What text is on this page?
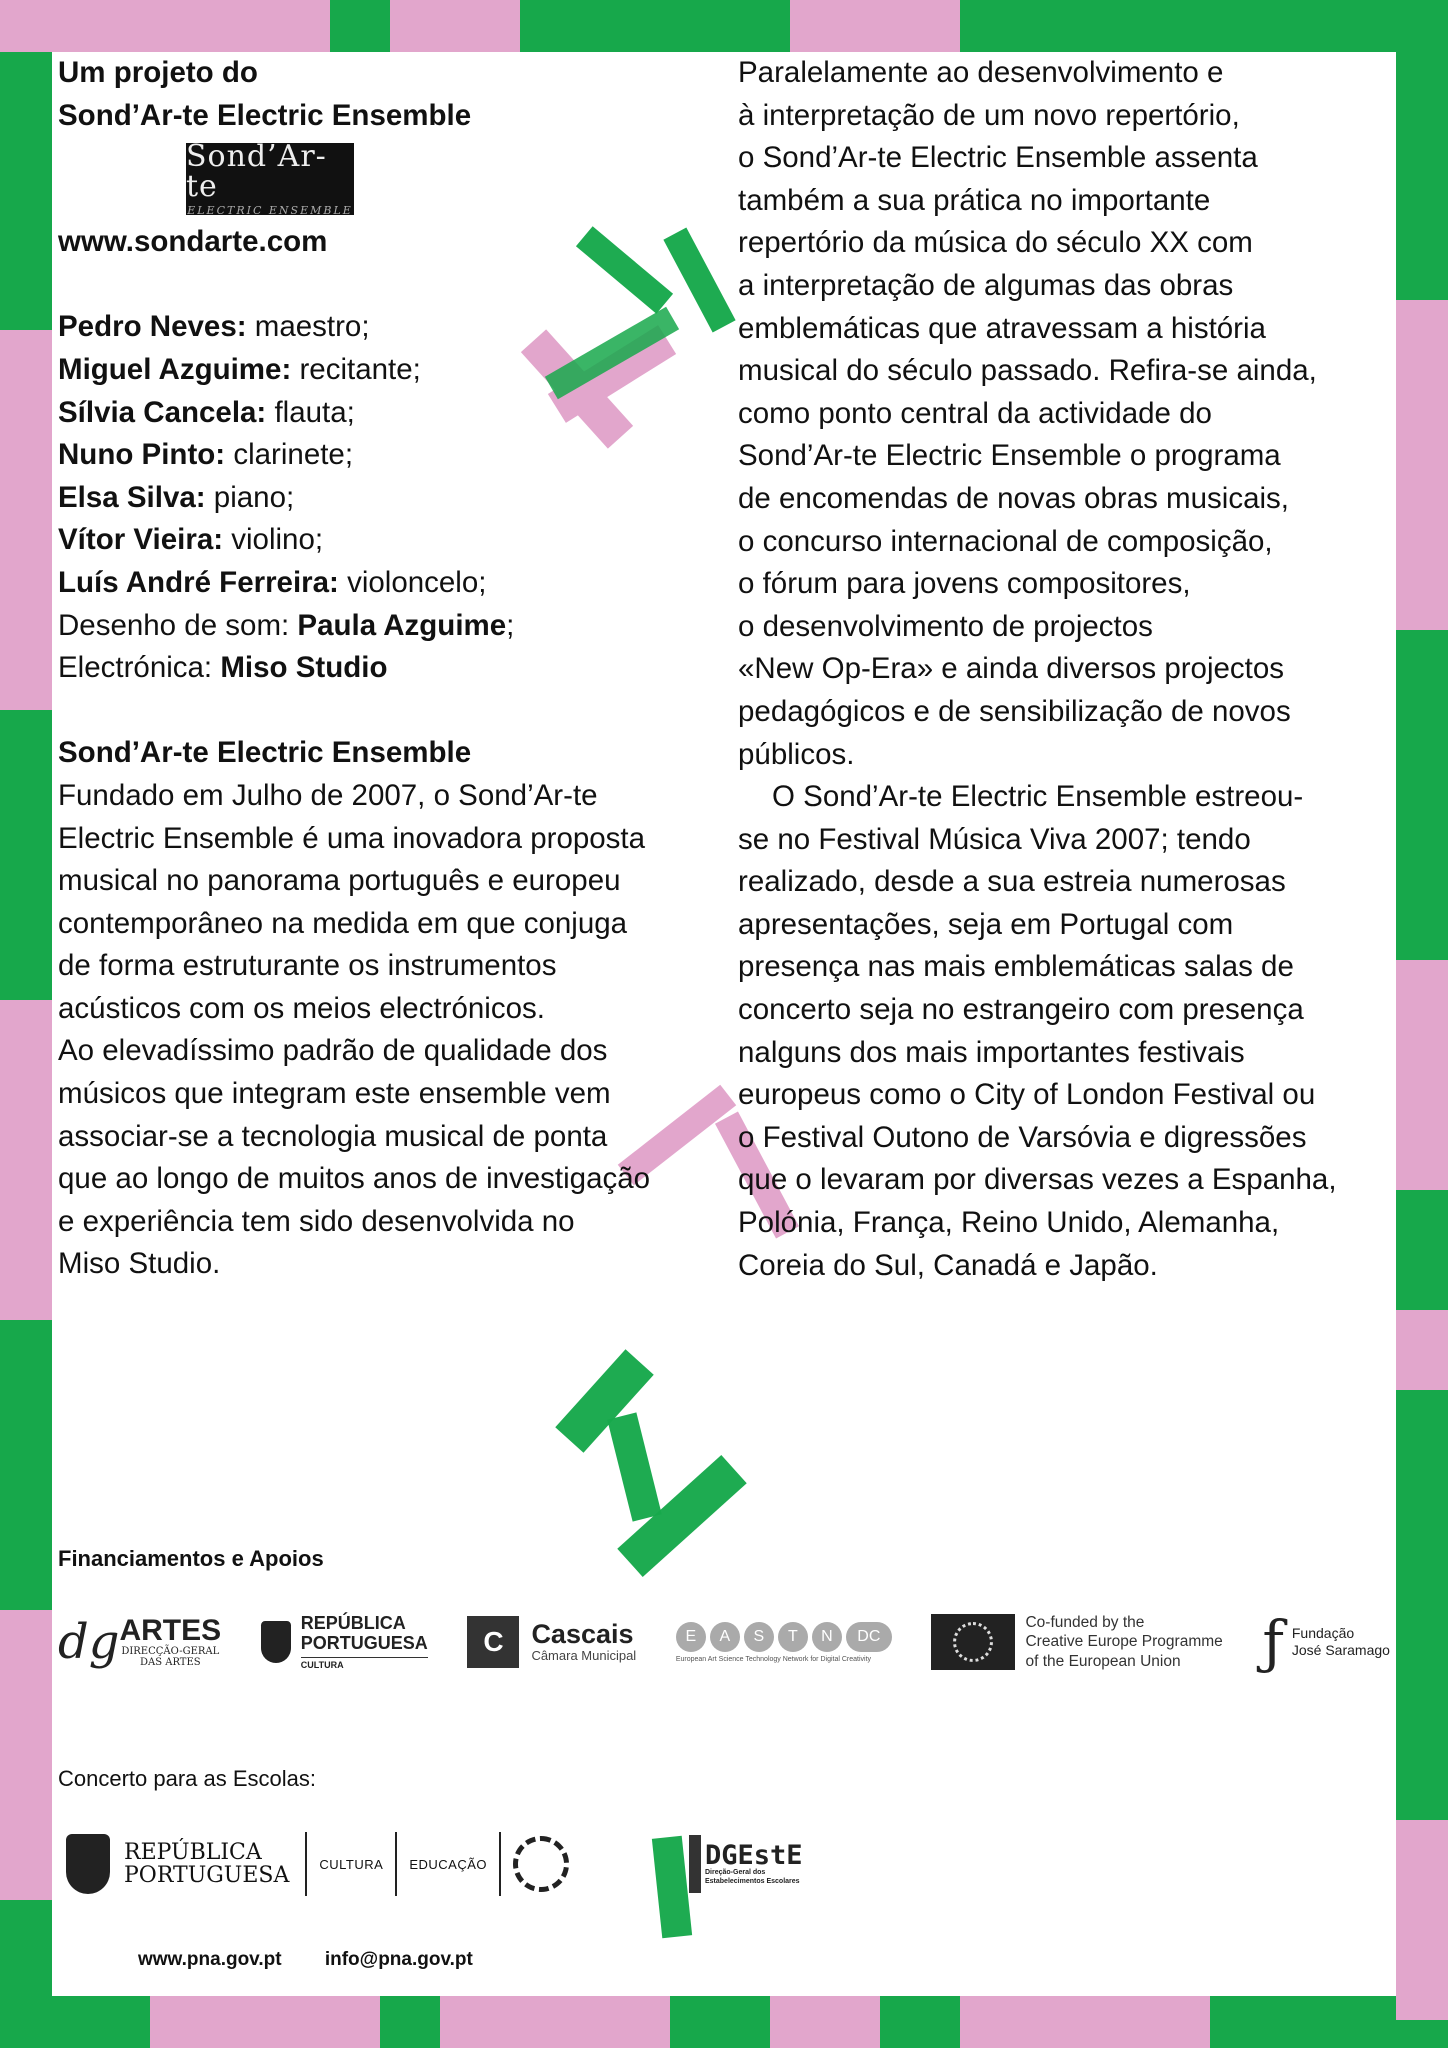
Um projeto do

Sond’Ar-te Electric Ensemble

Sond’Ar-te
ELECTRIC ENSEMBLE

www.sondarte.com

Pedro Neves: maestro;

Miguel Azguime: recitante;

Sílvia Cancela: flauta;

Nuno Pinto: clarinete;

Elsa Silva: piano;

Vítor Vieira: violino;

Luís André Ferreira: violoncelo;

Desenho de som: Paula Azguime;

Electrónica: Miso Studio

Sond’Ar-te Electric Ensemble

Fundado em Julho de 2007, o Sond’Ar-te

Electric Ensemble é uma inovadora proposta

musical no panorama português e europeu

contemporâneo na medida em que conjuga

de forma estruturante os instrumentos

acústicos com os meios electrónicos.

Ao elevadíssimo padrão de qualidade dos

músicos que integram este ensemble vem

associar-se a tecnologia musical de ponta

que ao longo de muitos anos de investigação

e experiência tem sido desenvolvida no

Miso Studio.

Paralelamente ao desenvolvimento e

à interpretação de um novo repertório,

o Sond’Ar-te Electric Ensemble assenta

também a sua prática no importante

repertório da música do século XX com

a interpretação de algumas das obras

emblemáticas que atravessam a história

musical do século passado. Refira-se ainda,

como ponto central da actividade do

Sond’Ar-te Electric Ensemble o programa

de encomendas de novas obras musicais,

o concurso internacional de composição,

o fórum para jovens compositores,

o desenvolvimento de projectos

«New Op-Era» e ainda diversos projectos

pedagógicos e de sensibilização de novos

públicos.

O Sond’Ar-te Electric Ensemble estreou-

se no Festival Música Viva 2007; tendo

realizado, desde a sua estreia numerosas

apresentações, seja em Portugal com

presença nas mais emblemáticas salas de

concerto seja no estrangeiro com presença

nalguns dos mais importantes festivais

europeus como o City of London Festival ou

o Festival Outono de Varsóvia e digressões

que o levaram por diversas vezes a Espanha,

Polónia, França, Reino Unido, Alemanha,

Coreia do Sul, Canadá e Japão.

Financiamentos e Apoios
dg ARTES
DIRECÇÃO-GERAL
DAS ARTES
REPÚBLICA
PORTUGUESA
CULTURA
C	Cascais
Câmara Municipal
E	A	S	T	N	DC
European Art Science Technology Network for Digital Creativity
Co-funded by the
Creative Europe Programme
of the European Union	ƒ Fundação
José Saramago
Concerto para as Escolas:
REPÚBLICA
PORTUGUESA CULTURA EDUCAÇÃO	DGEstE
Direção-Geral dos
Estabelecimentos Escolares
www.pna.gov.pt info@pna.gov.pt
